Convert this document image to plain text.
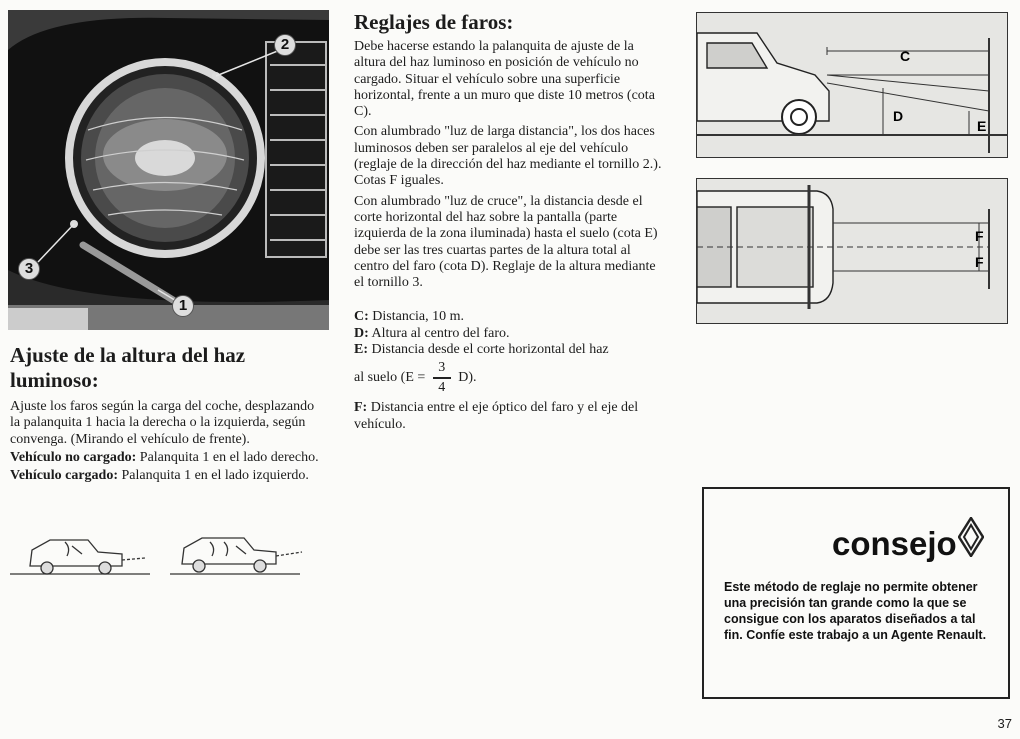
2
3
1
Ajuste de la altura del haz luminoso:

Ajuste los faros según la carga del coche, desplazando la palanquita 1 hacia la derecha o la izquierda, según convenga. (Mirando el vehículo de frente).

Vehículo no cargado: Palanquita 1 en el lado derecho.

Vehículo cargado: Palanquita 1 en el lado izquierdo.

Reglajes de faros:

Debe hacerse estando la palanquita de ajuste de la altura del haz luminoso en posición de vehículo no cargado. Situar el vehículo sobre una superficie horizontal, frente a un muro que diste 10 metros (cota C).

Con alumbrado "luz de larga distancia", los dos haces luminosos deben ser paralelos al eje del vehículo (reglaje de la dirección del haz mediante el tornillo 2.). Cotas F iguales.

Con alumbrado "luz de cruce", la distancia desde el corte horizontal del haz sobre la pantalla (parte izquierda de la zona iluminada) hasta el suelo (cota E) debe ser las tres cuartas partes de la altura total al centro del faro (cota D). Reglaje de la altura mediante el tornillo 3.

C: Distancia, 10 m.

D: Altura al centro del faro.

E: Distancia desde el corte horizontal del haz

al suelo $(E = \frac{3}{4} D)$.

F: Distancia entre el eje óptico del faro y el eje del vehículo.

C
D
E
F
F
consejo
Este método de reglaje no permite obtener una precisión tan grande como la que se consigue con los aparatos diseñados a tal fin. Confíe este trabajo a un Agente Renault.
37
